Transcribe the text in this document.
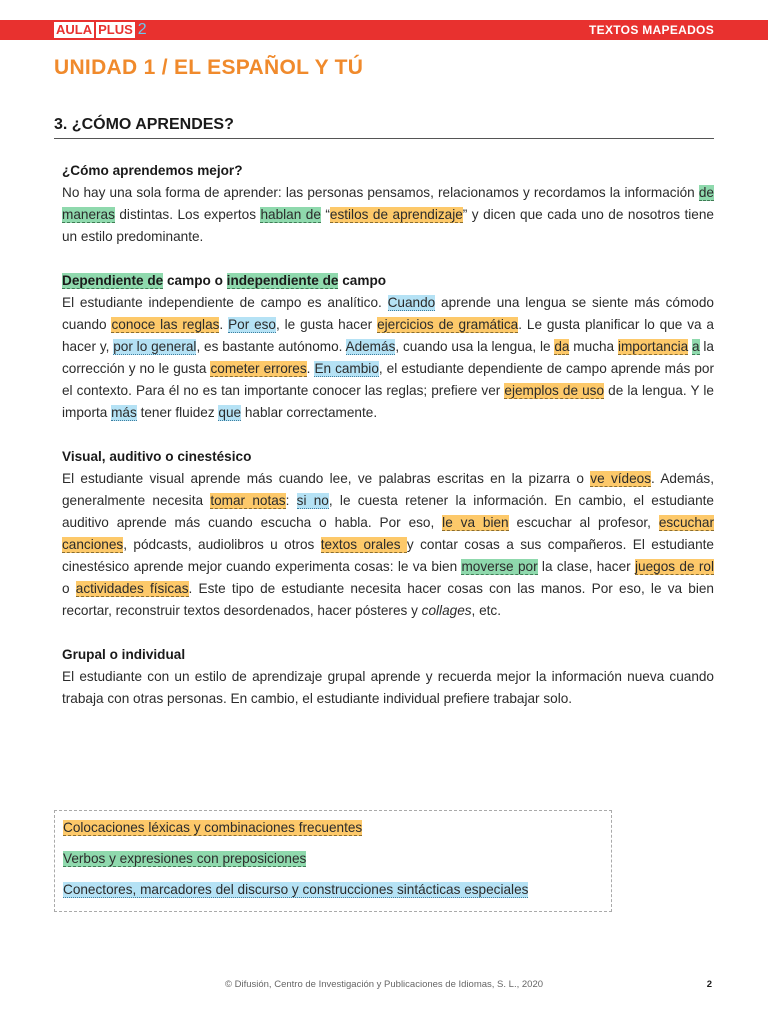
AULA PLUS 2	TEXTOS MAPEADOS
UNIDAD 1 / EL ESPAÑOL Y TÚ
3. ¿CÓMO APRENDES?
¿Cómo aprendemos mejor?

No hay una sola forma de aprender: las personas pensamos, relacionamos y recordamos la información de maneras distintas. Los expertos hablan de “estilos de aprendizaje” y dicen que cada uno de nosotros tiene un estilo predominante.

Dependiente de campo o independiente de campo

El estudiante independiente de campo es analítico. Cuando aprende una lengua se siente más cómodo cuando conoce las reglas. Por eso, le gusta hacer ejercicios de gramática. Le gusta planificar lo que va a hacer y, por lo general, es bastante autónomo. Además, cuando usa la lengua, le da mucha importancia a la corrección y no le gusta cometer errores. En cambio, el estudiante dependiente de campo aprende más por el contexto. Para él no es tan importante conocer las reglas; prefiere ver ejemplos de uso de la lengua. Y le importa más tener fluidez que hablar correctamente.

Visual, auditivo o cinestésico

El estudiante visual aprende más cuando lee, ve palabras escritas en la pizarra o ve vídeos. Además, generalmente necesita tomar notas: si no, le cuesta retener la información. En cambio, el estudiante auditivo aprende más cuando escucha o habla. Por eso, le va bien escuchar al profesor, escuchar canciones, pódcasts, audiolibros u otros textos orales y contar cosas a sus compañeros. El estudiante cinestésico aprende mejor cuando experimenta cosas: le va bien moverse por la clase, hacer juegos de rol o actividades físicas. Este tipo de estudiante necesita hacer cosas con las manos. Por eso, le va bien recortar, reconstruir textos desordenados, hacer pósteres y collages, etc.

Grupal o individual

El estudiante con un estilo de aprendizaje grupal aprende y recuerda mejor la información nueva cuando trabaja con otras personas. En cambio, el estudiante individual prefiere trabajar solo.

Colocaciones léxicas y combinaciones frecuentes
Verbos y expresiones con preposiciones
Conectores, marcadores del discurso y construcciones sintácticas especiales
© Difusión, Centro de Investigación y Publicaciones de Idiomas, S. L., 2020	2
